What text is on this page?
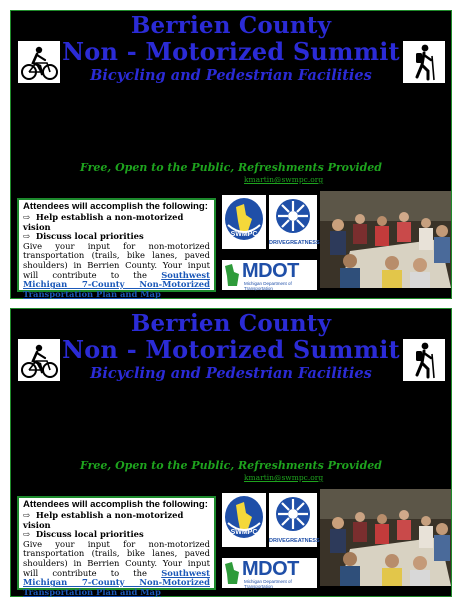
Berrien County
Non - Motorized Summit
Bicycling and Pedestrian Facilities
Free, Open to the Public, Refreshments Provided
kmartin@swmpc.org
Attendees will accomplish the following:
⇨  Help establish a non-motorized vision
⇨  Discuss local priorities
Give your input for non-motorized transportation (trails, bike lanes, paved shoulders) in Berrien County. Your input will contribute to the Southwest Michigan 7-County Non-Motorized Transportation Plan and Map.
SWMPC
DRIVEGREATNESS
MDOT
Michigan Department of Transportation
Berrien County
Non - Motorized Summit
Bicycling and Pedestrian Facilities
Free, Open to the Public, Refreshments Provided
kmartin@swmpc.org
Attendees will accomplish the following:
⇨  Help establish a non-motorized vision
⇨  Discuss local priorities
Give your input for non-motorized transportation (trails, bike lanes, paved shoulders) in Berrien County. Your input will contribute to the Southwest Michigan 7-County Non-Motorized Transportation Plan and Map.
SWMPC
DRIVEGREATNESS
MDOT
Michigan Department of Transportation
